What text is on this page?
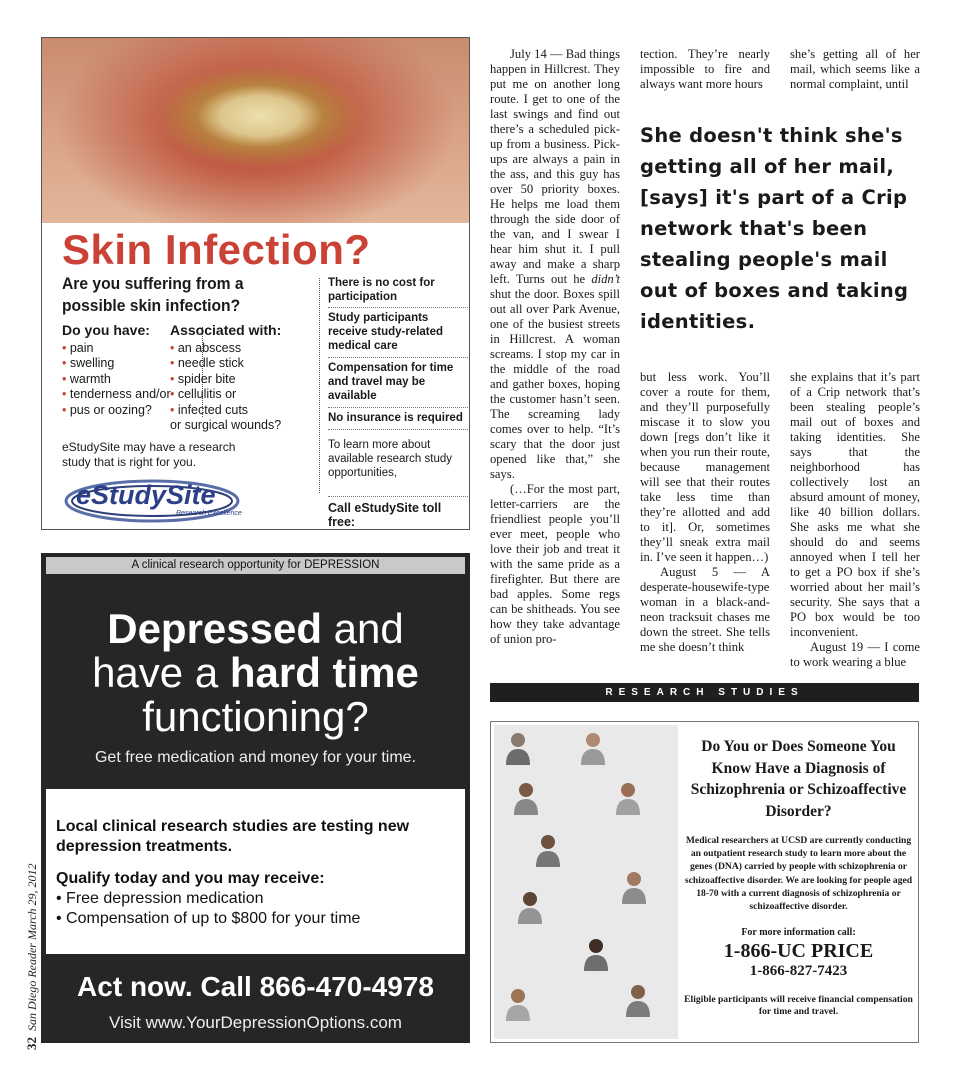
32San Diego Reader March 29, 2012
Skin Infection?
Are you suffering from a possible skin infection?
Do you have:
• pain
• swelling
• warmth
• tenderness and/or
• pus or oozing?
Associated with:
• an abscess
• needle stick
• spider bite
• cellulitis or
• infected cuts
or surgical wounds?
There is no cost for participation
Study participants receive study-related medical care
Compensation for time and travel may be available
No insurance is required
To learn more about available research study opportunities,
Call eStudySite toll free:
eStudySite may have a research study that is right for you.
eStudySite
Research Excellence
A clinical research opportunity for DEPRESSION
Depressed and
have a hard time
functioning?
Get free medication and money for your time.
Local clinical research studies are testing new depression treatments.
Qualify today and you may receive:
• Free depression medication
• Compensation of up to $800 for your time
Act now. Call 866-470-4978
Visit www.YourDepressionOptions.com

July 14 — Bad things happen in Hillcrest. They put me on another long route. I get to one of the last swings and find out there’s a scheduled pick-up from a business. Pick-ups are always a pain in the ass, and this guy has over 50 priority boxes. He helps me load them through the side door of the van, and I swear I hear him shut it. I pull away and make a sharp left. Turns out he didn’t shut the door. Boxes spill out all over Park Avenue, one of the busiest streets in Hillcrest. A woman screams. I stop my car in the middle of the road and gather boxes, hoping the customer hasn’t seen. The screaming lady comes over to help. “It’s scary that the door just opened like that,” she says.

(…For the most part, letter-carriers are the friendliest people you’ll ever meet, people who love their job and treat it with the same pride as a firefighter. But there are bad apples. Some regs can be shitheads. You see how they take advantage of union pro-

tection. They’re nearly impossible to fire and always want more hours
she’s getting all of her mail, which seems like a normal complaint, until
She doesn't think she's getting all of her mail, [says] it's part of a Crip network that's been stealing people's mail out of boxes and taking identities.

but less work. You’ll cover a route for them, and they’ll purposefully miscase it to slow you down [regs don’t like it when you run their route, because management will see that their routes take less time than they’re allotted and add to it]. Or, sometimes they’ll sneak extra mail in. I’ve seen it happen…)

August 5 — A desperate-housewife-type woman in a black-and-neon tracksuit chases me down the street. She tells me she doesn’t think

she explains that it’s part of a Crip network that’s been stealing people’s mail out of boxes and taking identities. She says that the neighborhood has collectively lost an absurd amount of money, like 40 billion dollars. She asks me what she should do and seems annoyed when I tell her to get a PO box if she’s worried about her mail’s security. She says that a PO box would be too inconvenient.

August 19 — I come to work wearing a blue

RESEARCH STUDIES
Do You or Does Someone You Know Have a Diagnosis of Schizophrenia or Schizoaffective Disorder?
Medical researchers at UCSD are currently conducting an outpatient research study to learn more about the genes (DNA) carried by people with schizophrenia or schizoaffective disorder. We are looking for people aged 18-70 with a current diagnosis of schizophrenia or schizoaffective disorder.
For more information call:
1-866-UC PRICE
1-866-827-7423
Eligible participants will receive financial compensation for time and travel.
